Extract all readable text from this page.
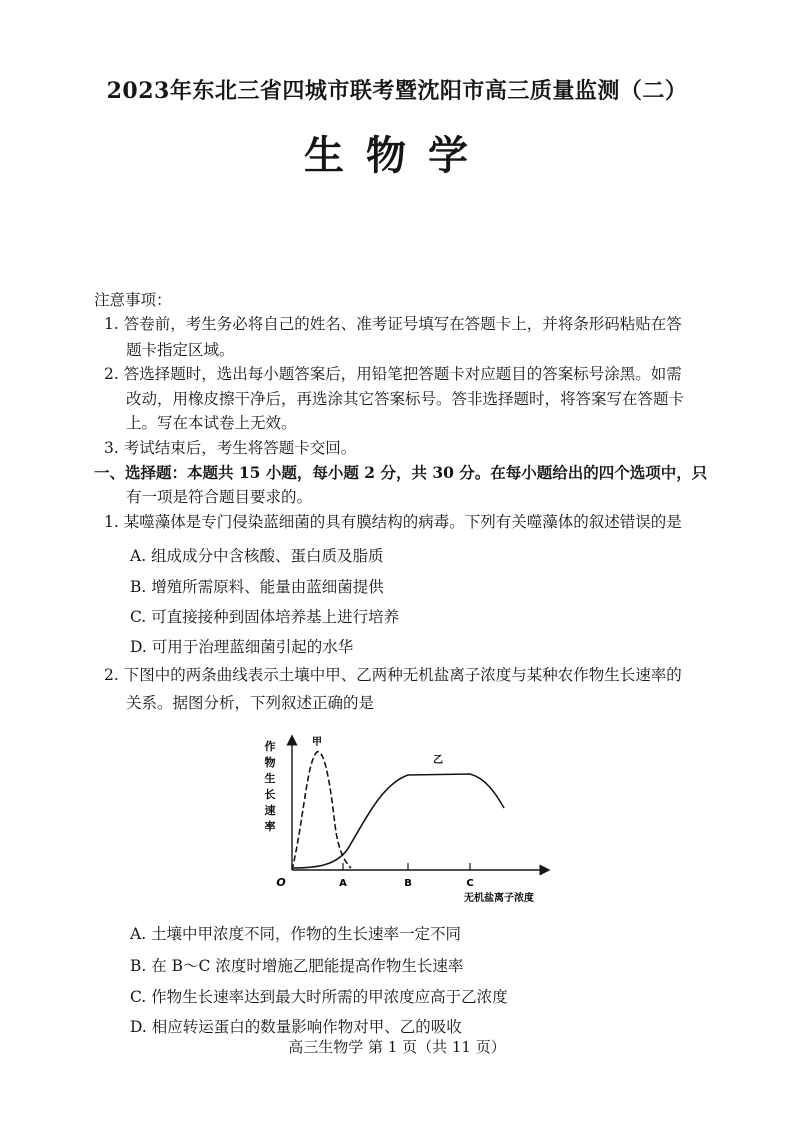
2023年东北三省四城市联考暨沈阳市高三质量监测（二）
生物学
注意事项：
1. 答卷前，考生务必将自己的姓名、准考证号填写在答题卡上，并将条形码粘贴在答
题卡指定区域。
2. 答选择题时，选出每小题答案后，用铅笔把答题卡对应题目的答案标号涂黑。如需
改动，用橡皮擦干净后，再选涂其它答案标号。答非选择题时，将答案写在答题卡
上。写在本试卷上无效。
3. 考试结束后，考生将答题卡交回。
一、选择题：本题共 15 小题，每小题 2 分，共 30 分。在每小题给出的四个选项中，只
有一项是符合题目要求的。
1. 某噬藻体是专门侵染蓝细菌的具有膜结构的病毒。下列有关噬藻体的叙述错误的是
A. 组成成分中含核酸、蛋白质及脂质
B. 增殖所需原料、能量由蓝细菌提供
C. 可直接接种到固体培养基上进行培养
D. 可用于治理蓝细菌引起的水华
2. 下图中的两条曲线表示土壤中甲、乙两种无机盐离子浓度与某种农作物生长速率的
关系。据图分析，下列叙述正确的是
作
物
生
长
速
率
O	A	B	C
无机盐离子浓度
甲
乙
A. 土壤中甲浓度不同，作物的生长速率一定不同
B. 在 B～C 浓度时增施乙肥能提高作物生长速率
C. 作物生长速率达到最大时所需的甲浓度应高于乙浓度
D. 相应转运蛋白的数量影响作物对甲、乙的吸收
高三生物学 第 1 页（共 11 页）
